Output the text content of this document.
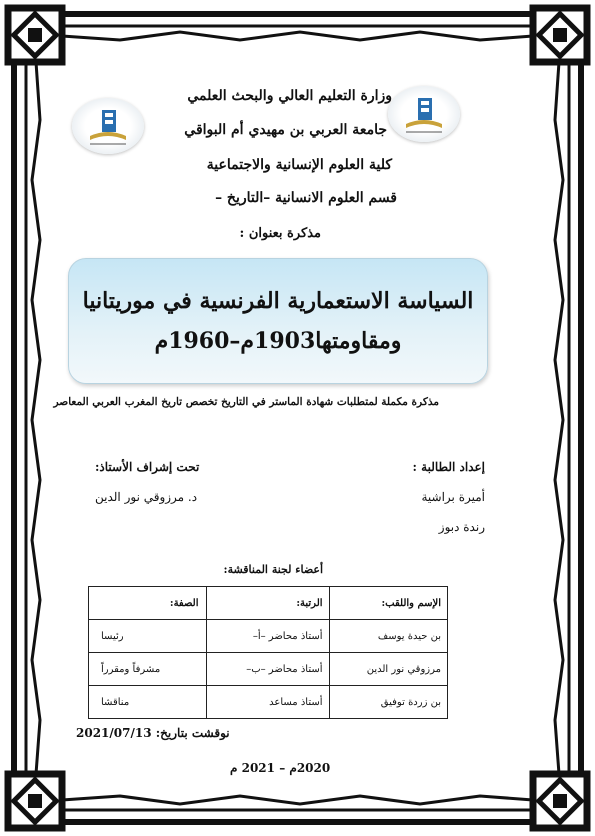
وزارة التعليم العالي والبحث العلمي
جامعة العربي بن مهيدي أم البواقي
كلية العلوم الإنسانية والاجتماعية
قسم العلوم الانسانية –التاريخ –
مذكرة بعنوان :
السياسة الاستعمارية الفرنسية في موريتانيا
ومقاومتها1903م–1960م
مذكرة مكملة لمتطلبات شهادة الماستر في التاريخ تخصص تاريخ المغرب العربي المعاصر
إعداد الطالبة :
أميرة براشية
رندة دبوز
تحت إشراف الأستاذ:
د. مرزوقي نور الدين
أعضاء لجنة المناقشة:
الإسم واللقب:	الرتبة:	الصفة:
بن حيدة يوسف	أستاذ محاضر –أ–	رئيسا
مرزوقي نور الدين	أستاذ محاضر –ب–	مشرفاً ومقرراً
بن زردة توفيق	أستاذ مساعد	مناقشا
نوقشت بتاريخ: 2021/07/13
2020م – 2021 م
